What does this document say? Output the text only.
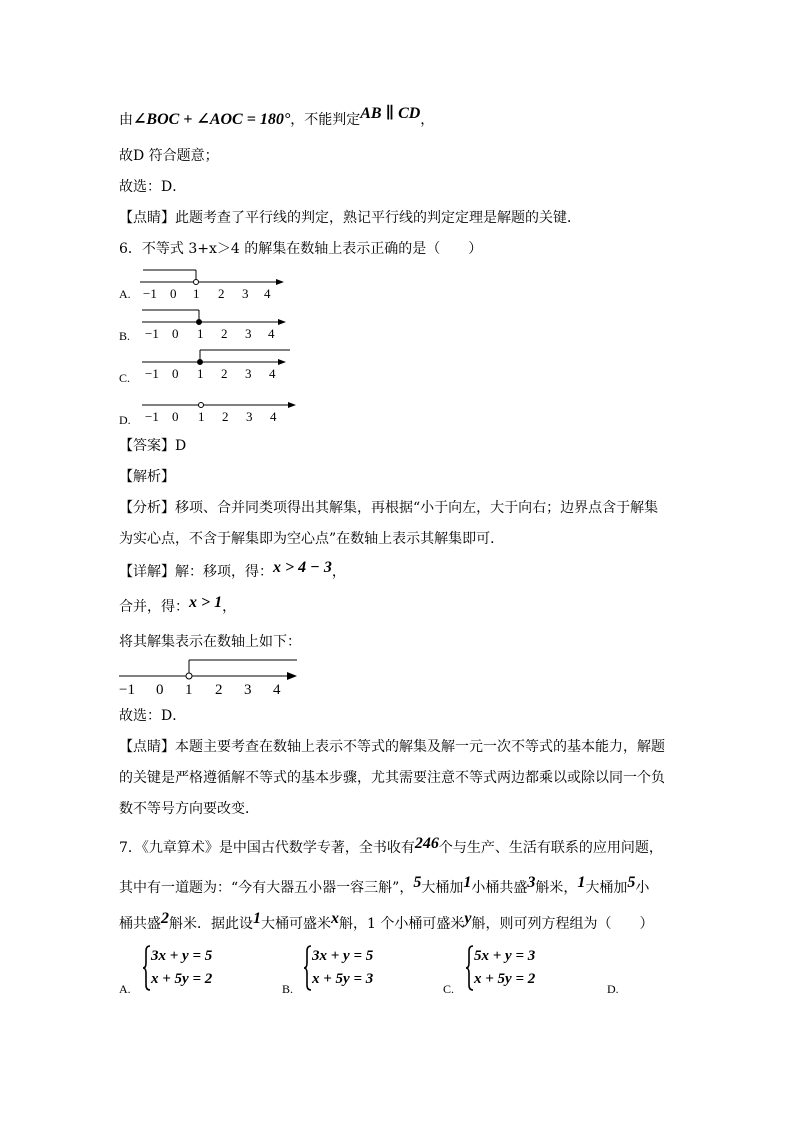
由∠BOC + ∠AOC = 180°，不能判定AB ∥ CD，
故D 符合题意；
故选：D．
【点睛】此题考查了平行线的判定，熟记平行线的判定定理是解题的关键．
6．不等式 3+x＞4 的解集在数轴上表示正确的是（　　）
A. −1 0 1 2 3 4
B. −1 0 1 2 3 4
C. −1 0 1 2 3 4
D. −1 0 1 2 3 4
【答案】D
【解析】
【分析】移项、合并同类项得出其解集，再根据“小于向左，大于向右；边界点含于解集
为实心点，不含于解集即为空心点”在数轴上表示其解集即可．
【详解】解：移项，得：x > 4 − 3，
合并，得：x > 1，
将其解集表示在数轴上如下：
−1 0 1 2 3 4
故选：D．
【点睛】本题主要考查在数轴上表示不等式的解集及解一元一次不等式的基本能力，解题
的关键是严格遵循解不等式的基本步骤，尤其需要注意不等式两边都乘以或除以同一个负
数不等号方向要改变．
7．《九章算术》是中国古代数学专著，全书收有246个与生产、生活有联系的应用问题，
其中有一道题为：“今有大器五小器一容三斛”，5大桶加1小桶共盛3斛米，1大桶加5小
桶共盛2斛米．据此设1大桶可盛米x斛，1 个小桶可盛米y斛，则可列方程组为（　　）
A.
3x + y = 5
x + 5y = 2
B.
3x + y = 5
x + 5y = 3
C.
5x + y = 3
x + 5y = 2
D.
